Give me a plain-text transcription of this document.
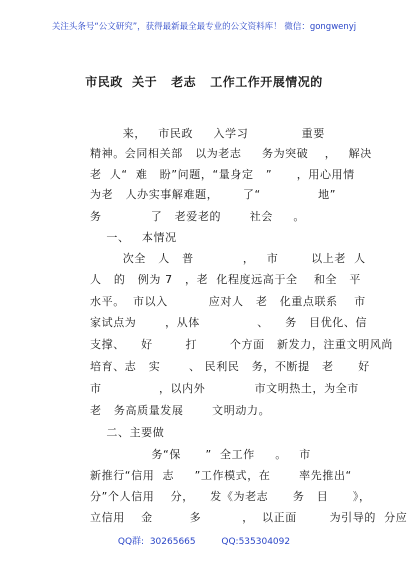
关注头条号“公文研究”，获得最新最全最专业的公文资料库！ 微信：gongwenyj
市民政  关于   老志   工作工作开展情况的
来，   市民政     入学习             重要
精神。会同相关部   以为老志     务为突破    ，   解决
老  人“  难   盼”问题，“量身定   ”      ，用心用情
为老   人办实事解难题，      了“              地”
务            了   老爱老的       社会     。
一、   本情况
次全   人   普            ，   市        以上老  人
人   的   例为 7   ，老  化程度远高于全    和全   平
水平。  市以入          应对人   老   化重点联系    市
家试点为       ，从体              、    务   目优化、信
支撑、    好        打        个方面   新发力，注重文明风尚
培育、志   实       、 民利民   务，不断提   老      好
市              ，以内外            市文明热土，为全市
老   务高质量发展       文明动力。
二、主要做
务“保      ”  全工作     。   市
新推行“信用  志     ”工作模式，在       率先推出“
分”个人信用    分，    发《为老志      务   目      》，
立信用    金         多          ，  以正面        为引导的  分应
QQ群:  30265665         QQ:535304092
